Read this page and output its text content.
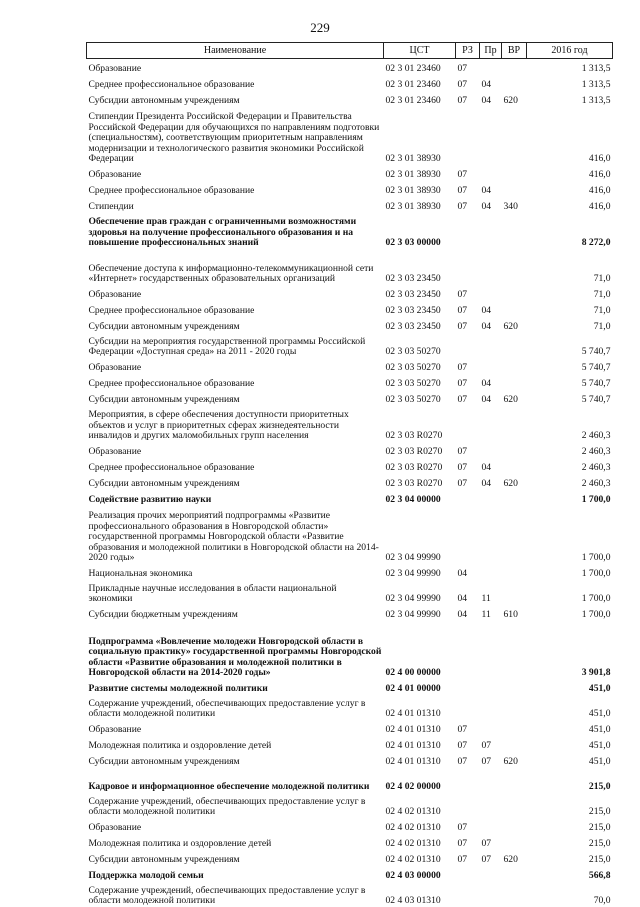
229
Наименование	ЦСТ	РЗ	Пр	ВР	2016 год
Образование	02 3 01 23460	07			1 313,5
Среднее профессиональное образование	02 3 01 23460	07	04		1 313,5
Субсидии автономным учреждениям	02 3 01 23460	07	04	620	1 313,5
Стипендии Президента Российской Федерации и Правительства Российской Федерации для обучающихся по направлениям подготовки (специальностям), соответствующим приоритетным направлениям модернизации и технологического развития экономики Российской Федерации	02 3 01 38930				416,0
Образование	02 3 01 38930	07			416,0
Среднее профессиональное образование	02 3 01 38930	07	04		416,0
Стипендии	02 3 01 38930	07	04	340	416,0
Обеспечение прав граждан с ограниченными возможностями здоровья на получение профессионального образования и на повышение профессиональных знаний	02 3 03 00000				8 272,0
Обеспечение доступа к информационно-телекоммуникационной сети «Интернет» государственных образовательных организаций	02 3 03 23450				71,0
Образование	02 3 03 23450	07			71,0
Среднее профессиональное образование	02 3 03 23450	07	04		71,0
Субсидии автономным учреждениям	02 3 03 23450	07	04	620	71,0
Субсидии на мероприятия государственной программы Российской Федерации «Доступная среда» на 2011 - 2020 годы	02 3 03 50270				5 740,7
Образование	02 3 03 50270	07			5 740,7
Среднее профессиональное образование	02 3 03 50270	07	04		5 740,7
Субсидии автономным учреждениям	02 3 03 50270	07	04	620	5 740,7
Мероприятия, в сфере обеспечения доступности приоритетных объектов и услуг в приоритетных сферах жизнедеятельности инвалидов и других маломобильных групп населения	02 3 03 R0270				2 460,3
Образование	02 3 03 R0270	07			2 460,3
Среднее профессиональное образование	02 3 03 R0270	07	04		2 460,3
Субсидии автономным учреждениям	02 3 03 R0270	07	04	620	2 460,3
Содействие развитию науки	02 3 04 00000				1 700,0
Реализация прочих мероприятий подпрограммы «Развитие профессионального образования в Новгородской области» государственной программы Новгородской области «Развитие образования и молодежной политики в Новгородской области на 2014-2020 годы»	02 3 04 99990				1 700,0
Национальная экономика	02 3 04 99990	04			1 700,0
Прикладные научные исследования в области национальной экономики	02 3 04 99990	04	11		1 700,0
Субсидии бюджетным учреждениям	02 3 04 99990	04	11	610	1 700,0
Подпрограмма «Вовлечение молодежи Новгородской области в социальную практику» государственной программы Новгородской области «Развитие образования и молодежной политики в Новгородской области на 2014-2020 годы»	02 4 00 00000				3 901,8
Развитие системы молодежной политики	02 4 01 00000				451,0
Содержание учреждений, обеспечивающих предоставление услуг в области молодежной политики	02 4 01 01310				451,0
Образование	02 4 01 01310	07			451,0
Молодежная политика и оздоровление детей	02 4 01 01310	07	07		451,0
Субсидии автономным учреждениям	02 4 01 01310	07	07	620	451,0
Кадровое и информационное обеспечение молодежной политики	02 4 02 00000				215,0
Содержание учреждений, обеспечивающих предоставление услуг в области молодежной политики	02 4 02 01310				215,0
Образование	02 4 02 01310	07			215,0
Молодежная политика и оздоровление детей	02 4 02 01310	07	07		215,0
Субсидии автономным учреждениям	02 4 02 01310	07	07	620	215,0
Поддержка молодой семьи	02 4 03 00000				566,8
Содержание учреждений, обеспечивающих предоставление услуг в области молодежной политики	02 4 03 01310				70,0
